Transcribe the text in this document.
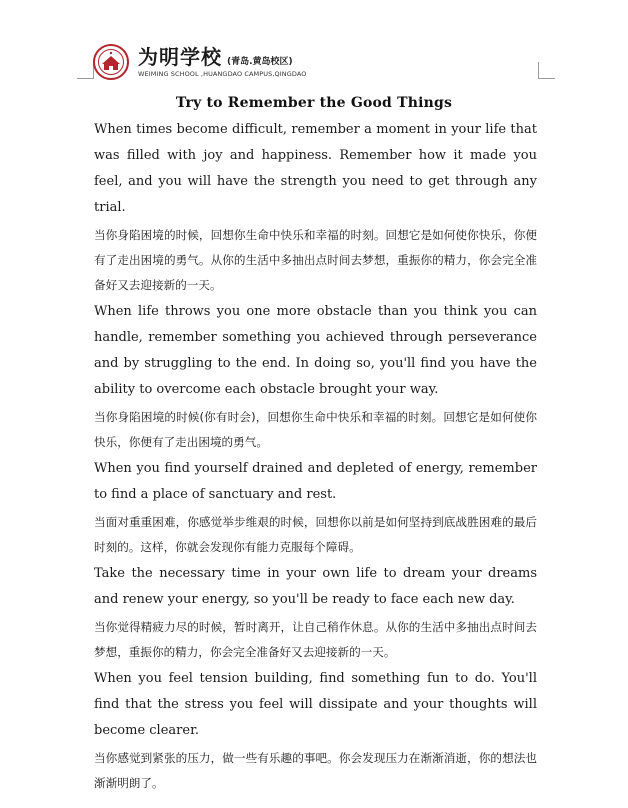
为明学校 (青岛.黄岛校区)
WEIMING SCHOOL ,HUANGDAO CAMPUS,QINGDAO
Try to Remember the Good Things

When times become difficult, remember a moment in your life that was filled with joy and happiness. Remember how it made you feel, and you will have the strength you need to get through any trial.

当你身陷困境的时候，回想你生命中快乐和幸福的时刻。回想它是如何使你快乐，你便有了走出困境的勇气。从你的生活中多抽出点时间去梦想，重振你的精力，你会完全准备好又去迎接新的一天。

When life throws you one more obstacle than you think you can handle, remember something you achieved through perseverance and by struggling to the end. In doing so, you'll find you have the ability to overcome each obstacle brought your way.

当你身陷困境的时候(你有时会)，回想你生命中快乐和幸福的时刻。回想它是如何使你快乐，你便有了走出困境的勇气。

When you find yourself drained and depleted of energy, remember to find a place of sanctuary and rest.

当面对重重困难，你感觉举步维艰的时候，回想你以前是如何坚持到底战胜困难的最后时刻的。这样，你就会发现你有能力克服每个障碍。

Take the necessary time in your own life to dream your dreams and renew your energy, so you'll be ready to face each new day.

当你觉得精疲力尽的时候，暂时离开，让自己稍作休息。从你的生活中多抽出点时间去梦想，重振你的精力，你会完全准备好又去迎接新的一天。

When you feel tension building, find something fun to do. You'll find that the stress you feel will dissipate and your thoughts will become clearer.

当你感觉到紧张的压力，做一些有乐趣的事吧。你会发现压力在渐渐消逝，你的想法也渐渐明朗了。
